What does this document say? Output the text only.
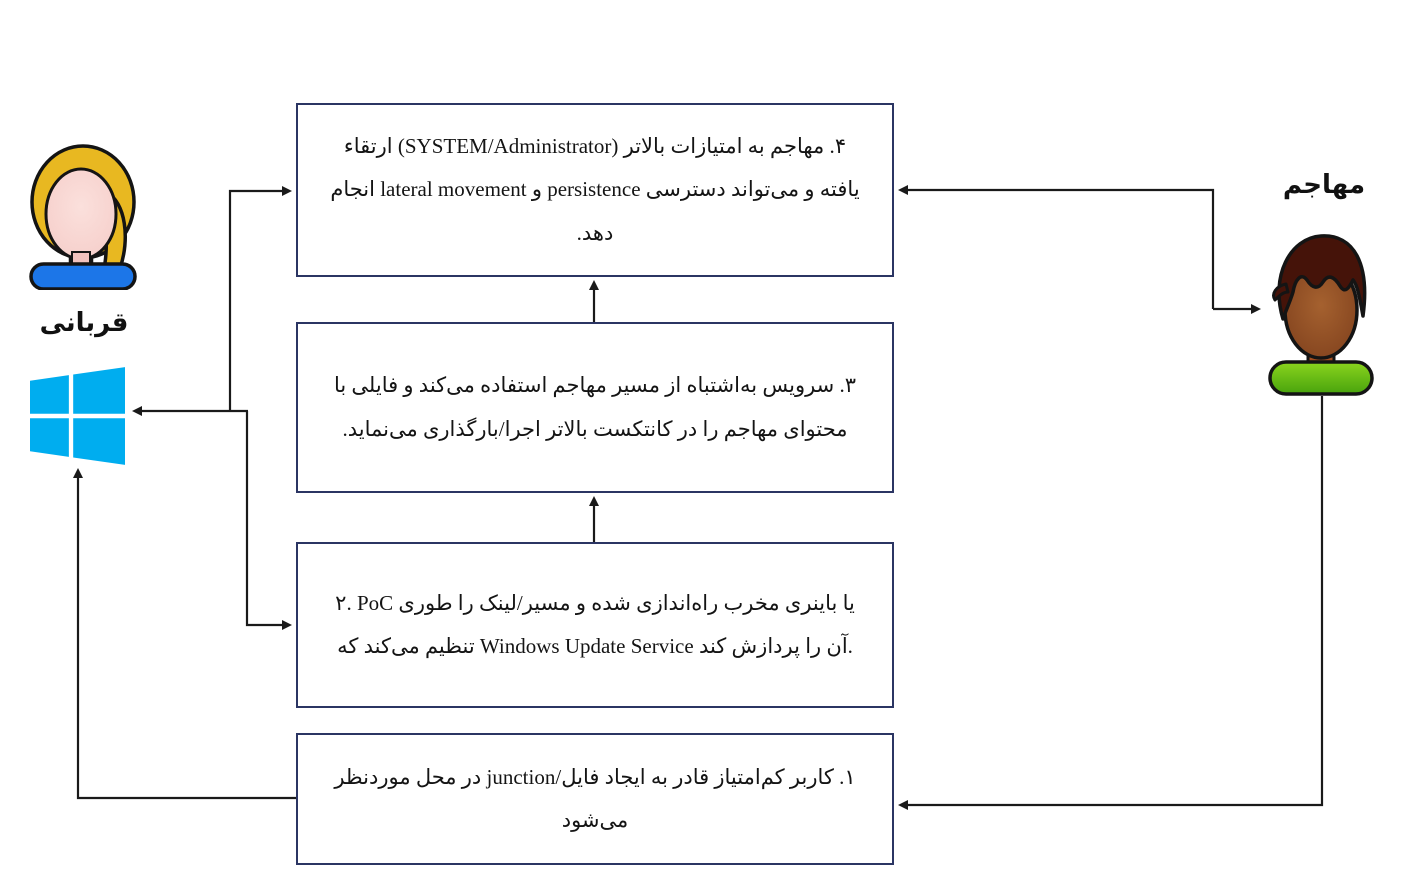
۴. مهاجم به امتیازات بالاتر (SYSTEM/Administrator) ارتقاء یافته و می‌تواند دسترسی persistence و lateral movement انجام دهد.
۳. سرویس به‌اشتباه از مسیر مهاجم استفاده می‌کند و فایلی با محتوای مهاجم را در کانتکست بالاتر اجرا/بارگذاری می‌نماید.
۲. PoC یا باینری مخرب راه‌اندازی شده و مسیر/لینک را طوری تنظیم می‌کند که Windows Update Service آن را پردازش کند.
۱. کاربر کم‌امتیاز قادر به ایجاد فایل/junction در محل موردنظر می‌شود
قربانی
مهاجم
